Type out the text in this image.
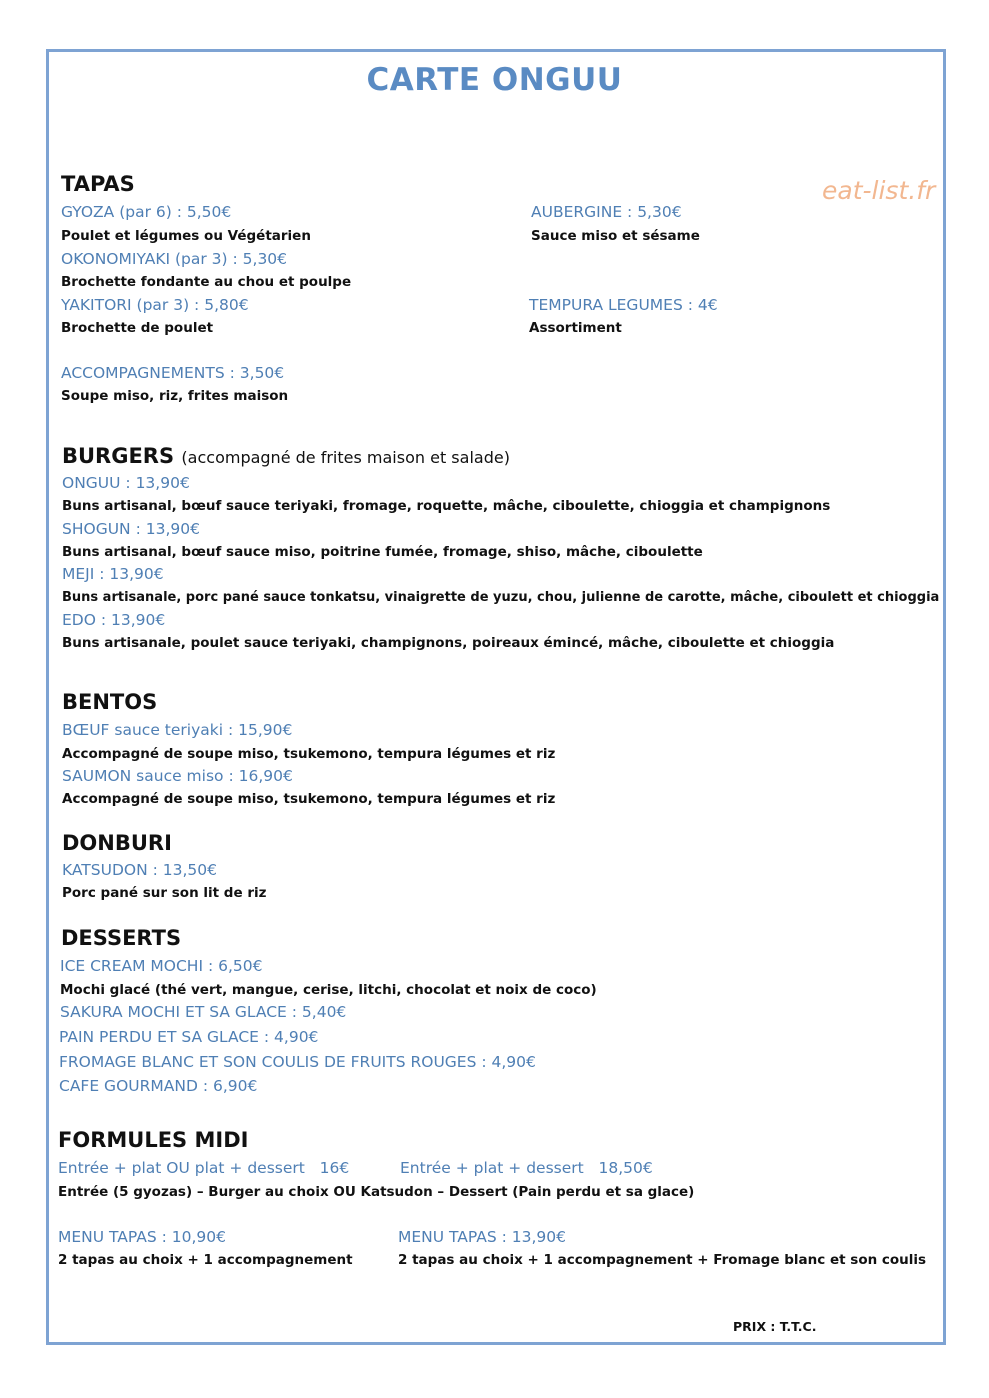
CARTE ONGUU
eat-list.fr
TAPAS
GYOZA (par 6) : 5,50€
Poulet et légumes ou Végétarien
OKONOMIYAKI (par 3) : 5,30€
Brochette fondante au chou et poulpe
YAKITORI (par 3) : 5,80€
Brochette de poulet
AUBERGINE : 5,30€
Sauce miso et sésame
TEMPURA LEGUMES : 4€
Assortiment
ACCOMPAGNEMENTS : 3,50€
Soupe miso, riz, frites maison
BURGERS (accompagné de frites maison et salade)
ONGUU : 13,90€
Buns artisanal, bœuf sauce teriyaki, fromage, roquette, mâche, ciboulette, chioggia et champignons
SHOGUN : 13,90€
Buns artisanal, bœuf sauce miso, poitrine fumée, fromage, shiso, mâche, ciboulette
MEJI : 13,90€
Buns artisanale, porc pané sauce tonkatsu, vinaigrette de yuzu, chou, julienne de carotte, mâche, ciboulett et chioggia
EDO : 13,90€
Buns artisanale, poulet sauce teriyaki, champignons, poireaux émincé, mâche, ciboulette et chioggia
BENTOS
BŒUF sauce teriyaki : 15,90€
Accompagné de soupe miso, tsukemono, tempura légumes et riz
SAUMON sauce miso : 16,90€
Accompagné de soupe miso, tsukemono, tempura légumes et riz
DONBURI
KATSUDON : 13,50€
Porc pané sur son lit de riz
DESSERTS
ICE CREAM MOCHI : 6,50€
Mochi glacé (thé vert, mangue, cerise, litchi, chocolat et noix de coco)
SAKURA MOCHI ET SA GLACE : 5,40€
PAIN PERDU ET SA GLACE : 4,90€
FROMAGE BLANC ET SON COULIS DE FRUITS ROUGES : 4,90€
CAFE GOURMAND : 6,90€
FORMULES MIDI
Entrée + plat OU plat + dessert   16€	Entrée + plat + dessert   18,50€
Entrée (5 gyozas) – Burger au choix OU Katsudon – Dessert (Pain perdu et sa glace)
MENU TAPAS : 10,90€
2 tapas au choix + 1 accompagnement
MENU TAPAS : 13,90€
2 tapas au choix + 1 accompagnement + Fromage blanc et son coulis
PRIX : T.T.C.
